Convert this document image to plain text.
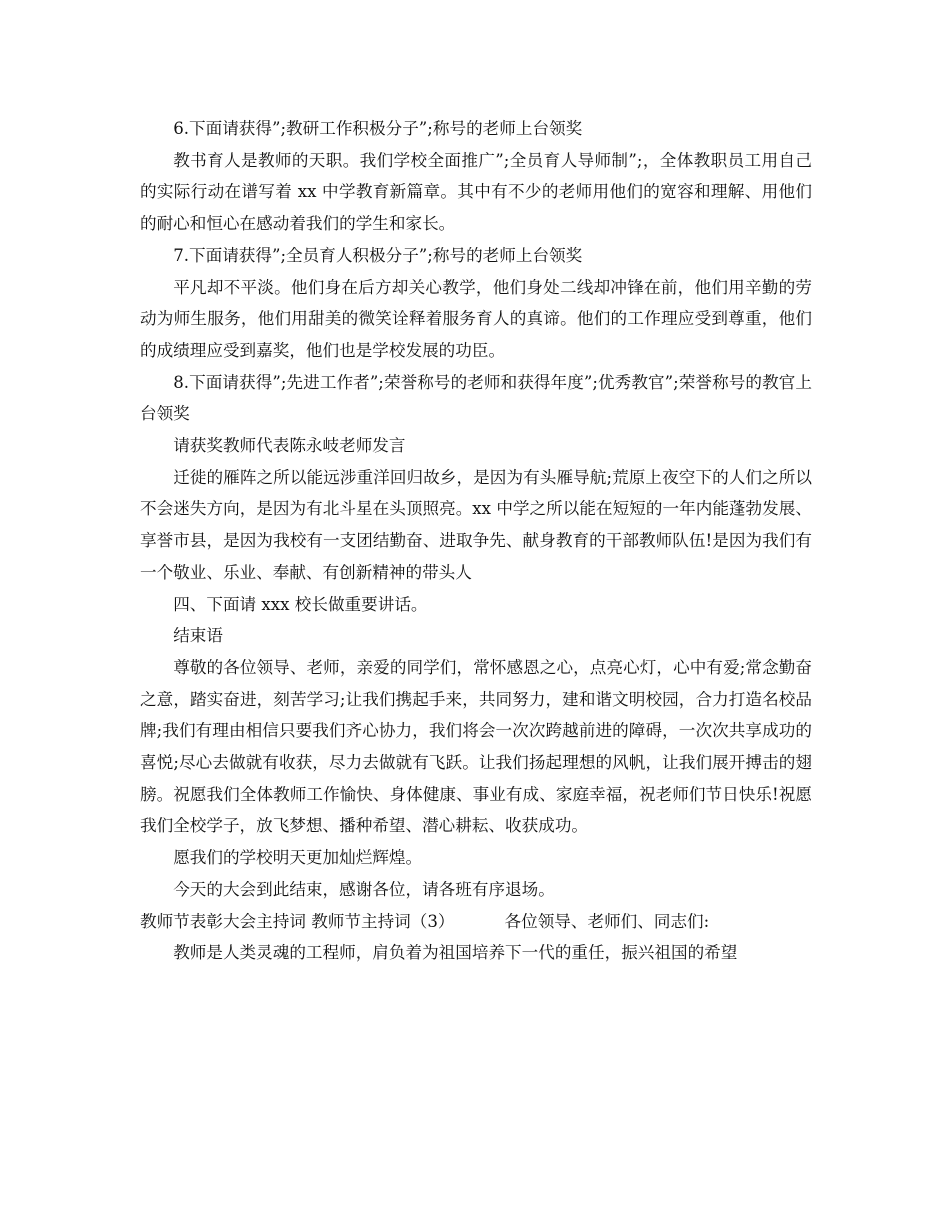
6.下面请获得”;教研工作积极分子”;称号的老师上台领奖

教书育人是教师的天职。我们学校全面推广”;全员育人导师制”;，全体教职员工用自己的实际行动在谱写着 xx 中学教育新篇章。其中有不少的老师用他们的宽容和理解、用他们的耐心和恒心在感动着我们的学生和家长。

7.下面请获得”;全员育人积极分子”;称号的老师上台领奖

平凡却不平淡。他们身在后方却关心教学，他们身处二线却冲锋在前，他们用辛勤的劳动为师生服务，他们用甜美的微笑诠释着服务育人的真谛。他们的工作理应受到尊重，他们的成绩理应受到嘉奖，他们也是学校发展的功臣。

8.下面请获得”;先进工作者”;荣誉称号的老师和获得年度”;优秀教官”;荣誉称号的教官上台领奖

请获奖教师代表陈永岐老师发言

迁徙的雁阵之所以能远涉重洋回归故乡，是因为有头雁导航;荒原上夜空下的人们之所以不会迷失方向，是因为有北斗星在头顶照亮。xx 中学之所以能在短短的一年内能蓬勃发展、享誉市县，是因为我校有一支团结勤奋、进取争先、献身教育的干部教师队伍!是因为我们有一个敬业、乐业、奉献、有创新精神的带头人

四、下面请 xxx 校长做重要讲话。

结束语

尊敬的各位领导、老师，亲爱的同学们，常怀感恩之心，点亮心灯，心中有爱;常念勤奋之意，踏实奋进，刻苦学习;让我们携起手来，共同努力，建和谐文明校园，合力打造名校品牌;我们有理由相信只要我们齐心协力，我们将会一次次跨越前进的障碍，一次次共享成功的喜悦;尽心去做就有收获，尽力去做就有飞跃。让我们扬起理想的风帆，让我们展开搏击的翅膀。祝愿我们全体教师工作愉快、身体健康、事业有成、家庭幸福，祝老师们节日快乐!祝愿我们全校学子，放飞梦想、播种希望、潜心耕耘、收获成功。

愿我们的学校明天更加灿烂辉煌。

今天的大会到此结束，感谢各位，请各班有序退场。

教师节表彰大会主持词 教师节主持词（3）	各位领导、老师们、同志们:

教师是人类灵魂的工程师，肩负着为祖国培养下一代的重任，振兴祖国的希望
